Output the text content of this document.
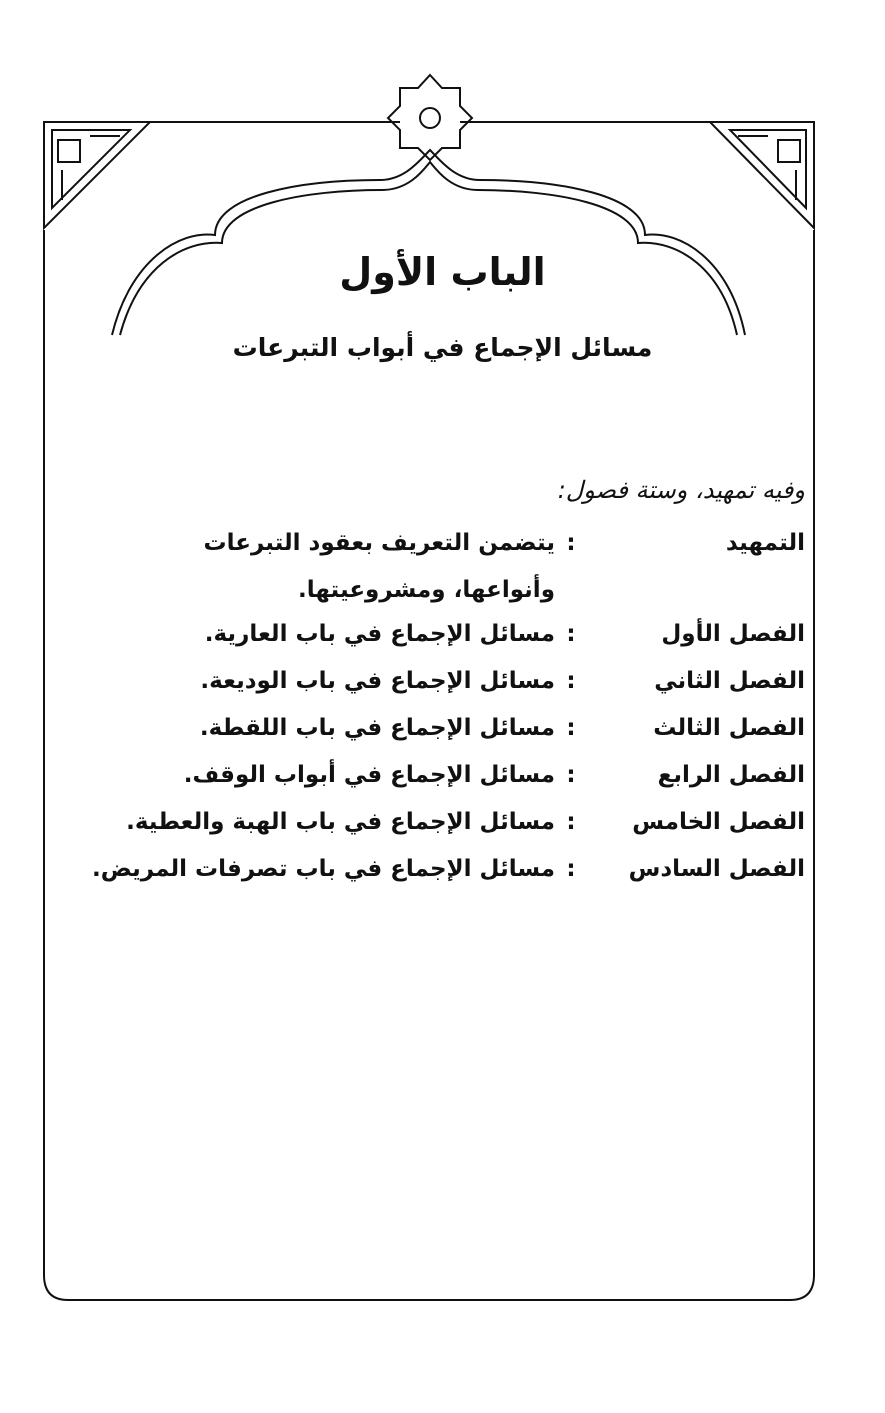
الباب الأول
مسائل الإجماع في أبواب التبرعات
وفيه تمهيد، وستة فصول:
التمهيد
:
يتضمن التعريف بعقود التبرعات
وأنواعها، ومشروعيتها.
الفصل الأول
:
مسائل الإجماع في باب العارية.
الفصل الثاني
:
مسائل الإجماع في باب الوديعة.
الفصل الثالث
:
مسائل الإجماع في باب اللقطة.
الفصل الرابع
:
مسائل الإجماع في أبواب الوقف.
الفصل الخامس
:
مسائل الإجماع في باب الهبة والعطية.
الفصل السادس
:
مسائل الإجماع في باب تصرفات المريض.
